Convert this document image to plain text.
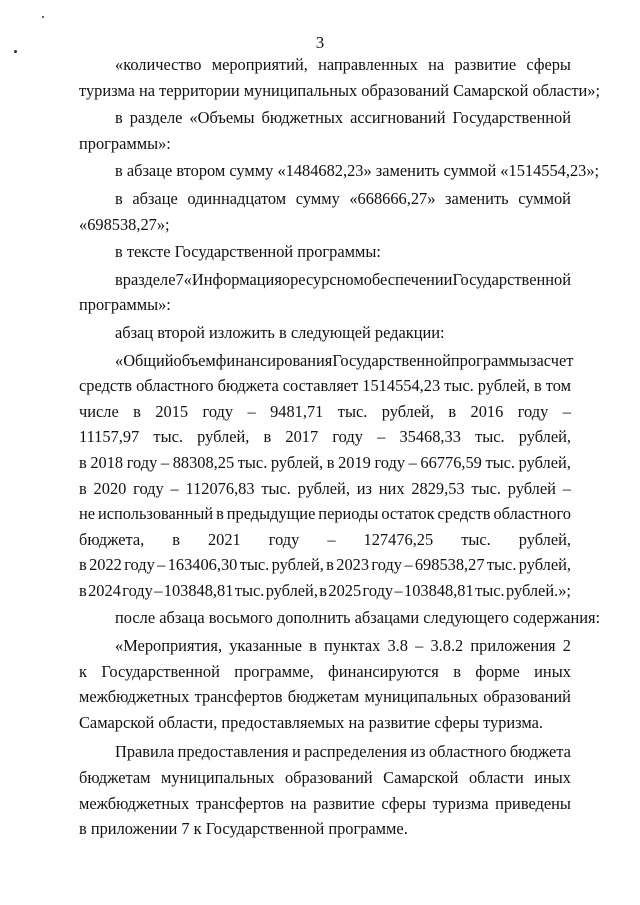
3
«количество мероприятий, направленных на развитие сферы
туризма на территории муниципальных образований Самарской области»;
в разделе «Объемы бюджетных ассигнований Государственной
программы»:
в абзаце втором сумму «1484682,23» заменить суммой «1514554,23»;
в абзаце одиннадцатом сумму «668666,27» заменить суммой
«698538,27»;
в тексте Государственной программы:
в разделе 7 «Информация о ресурсном обеспечении Государственной
программы»:
абзац второй изложить в следующей редакции:
«Общий объем финансирования Государственной программы за счет
средств областного бюджета составляет 1514554,23 тыс. рублей, в том
числе в 2015 году – 9481,71 тыс. рублей, в 2016 году –
11157,97 тыс. рублей, в 2017 году – 35468,33 тыс. рублей,
в 2018 году – 88308,25 тыс. рублей, в 2019 году – 66776,59 тыс. рублей,
в 2020 году – 112076,83 тыс. рублей, из них 2829,53 тыс. рублей –
не использованный в предыдущие периоды остаток средств областного
бюджета, в 2021 году – 127476,25 тыс. рублей,
в 2022 году – 163406,30 тыс. рублей, в 2023 году – 698538,27 тыс. рублей,
в 2024 году – 103848,81 тыс. рублей, в 2025 году – 103848,81 тыс. рублей.»;
после абзаца восьмого дополнить абзацами следующего содержания:
«Мероприятия, указанные в пунктах 3.8 – 3.8.2 приложения 2
к Государственной программе, финансируются в форме иных
межбюджетных трансфертов бюджетам муниципальных образований
Самарской области, предоставляемых на развитие сферы туризма.
Правила предоставления и распределения из областного бюджета
бюджетам муниципальных образований Самарской области иных
межбюджетных трансфертов на развитие сферы туризма приведены
в приложении 7 к Государственной программе.
